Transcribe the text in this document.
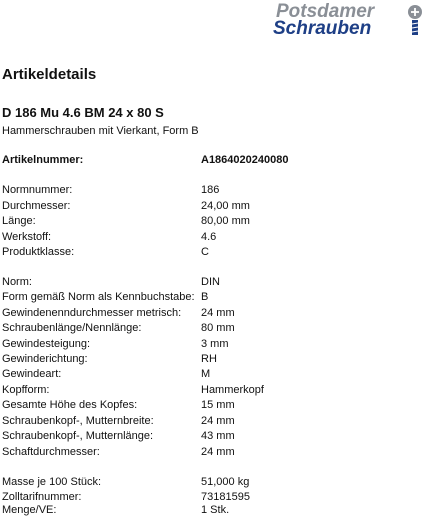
Potsdamer
Schrauben
Artikeldetails
D 186 Mu 4.6 BM 24 x 80 S

Hammerschrauben mit Vierkant, Form B

Artikelnummer:	A1864020240080
Normnummer:	186
Durchmesser:	24,00 mm
Länge:	80,00 mm
Werkstoff:	4.6
Produktklasse:	C
Norm:	DIN
Form gemäß Norm als Kennbuchstabe: B
Gewindenenndurchmesser metrisch: 24 mm
Schraubenlänge/Nennlänge:	80 mm
Gewindesteigung:	3 mm
Gewinderichtung:	RH
Gewindeart:	M
Kopfform:	Hammerkopf
Gesamte Höhe des Kopfes:	15 mm
Schraubenkopf-, Mutternbreite:	24 mm
Schraubenkopf-, Mutternlänge:	43 mm
Schaftdurchmesser:	24 mm
Masse je 100 Stück:	51,000 kg
Zolltarifnummer:	73181595
Menge/VE:	1 Stk.
